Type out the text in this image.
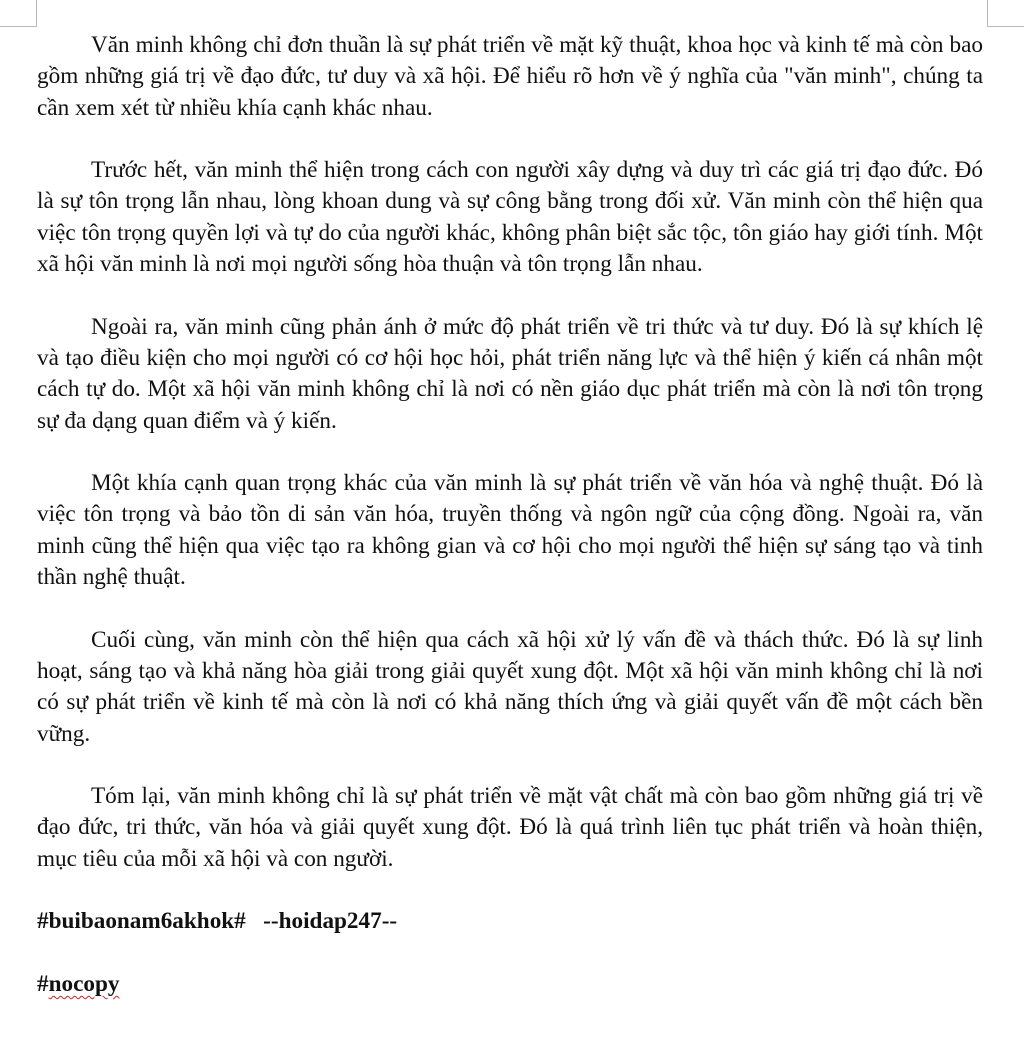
Văn minh không chỉ đơn thuần là sự phát triển về mặt kỹ thuật, khoa học và kinh tế mà còn bao gồm những giá trị về đạo đức, tư duy và xã hội. Để hiểu rõ hơn về ý nghĩa của "văn minh", chúng ta cần xem xét từ nhiều khía cạnh khác nhau.

Trước hết, văn minh thể hiện trong cách con người xây dựng và duy trì các giá trị đạo đức. Đó là sự tôn trọng lẫn nhau, lòng khoan dung và sự công bằng trong đối xử. Văn minh còn thể hiện qua việc tôn trọng quyền lợi và tự do của người khác, không phân biệt sắc tộc, tôn giáo hay giới tính. Một xã hội văn minh là nơi mọi người sống hòa thuận và tôn trọng lẫn nhau.

Ngoài ra, văn minh cũng phản ánh ở mức độ phát triển về tri thức và tư duy. Đó là sự khích lệ và tạo điều kiện cho mọi người có cơ hội học hỏi, phát triển năng lực và thể hiện ý kiến cá nhân một cách tự do. Một xã hội văn minh không chỉ là nơi có nền giáo dục phát triển mà còn là nơi tôn trọng sự đa dạng quan điểm và ý kiến.

Một khía cạnh quan trọng khác của văn minh là sự phát triển về văn hóa và nghệ thuật. Đó là việc tôn trọng và bảo tồn di sản văn hóa, truyền thống và ngôn ngữ của cộng đồng. Ngoài ra, văn minh cũng thể hiện qua việc tạo ra không gian và cơ hội cho mọi người thể hiện sự sáng tạo và tinh thần nghệ thuật.

Cuối cùng, văn minh còn thể hiện qua cách xã hội xử lý vấn đề và thách thức. Đó là sự linh hoạt, sáng tạo và khả năng hòa giải trong giải quyết xung đột. Một xã hội văn minh không chỉ là nơi có sự phát triển về kinh tế mà còn là nơi có khả năng thích ứng và giải quyết vấn đề một cách bền vững.

Tóm lại, văn minh không chỉ là sự phát triển về mặt vật chất mà còn bao gồm những giá trị về đạo đức, tri thức, văn hóa và giải quyết xung đột. Đó là quá trình liên tục phát triển và hoàn thiện, mục tiêu của mỗi xã hội và con người.

#buibaonam6akhok#   --hoidap247--

#nocopy
